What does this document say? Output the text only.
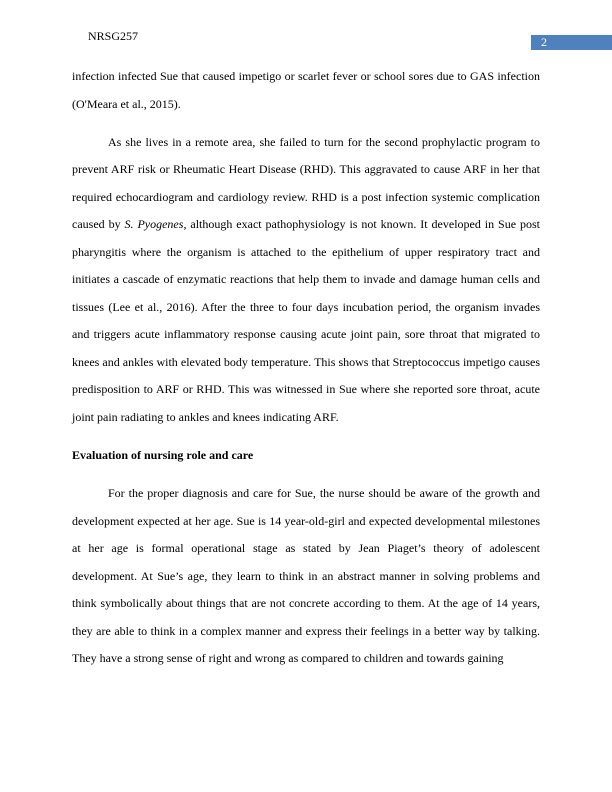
NRSG257	2

infection infected Sue that caused impetigo or scarlet fever or school sores due to GAS infection (O'Meara et al., 2015).

As she lives in a remote area, she failed to turn for the second prophylactic program to prevent ARF risk or Rheumatic Heart Disease (RHD). This aggravated to cause ARF in her that required echocardiogram and cardiology review. RHD is a post infection systemic complication caused by S. Pyogenes, although exact pathophysiology is not known. It developed in Sue post pharyngitis where the organism is attached to the epithelium of upper respiratory tract and initiates a cascade of enzymatic reactions that help them to invade and damage human cells and tissues (Lee et al., 2016). After the three to four days incubation period, the organism invades and triggers acute inflammatory response causing acute joint pain, sore throat that migrated to knees and ankles with elevated body temperature. This shows that Streptococcus impetigo causes predisposition to ARF or RHD. This was witnessed in Sue where she reported sore throat, acute joint pain radiating to ankles and knees indicating ARF.

Evaluation of nursing role and care

For the proper diagnosis and care for Sue, the nurse should be aware of the growth and development expected at her age. Sue is 14 year-old-girl and expected developmental milestones at her age is formal operational stage as stated by Jean Piaget’s theory of adolescent development. At Sue’s age, they learn to think in an abstract manner in solving problems and think symbolically about things that are not concrete according to them. At the age of 14 years, they are able to think in a complex manner and express their feelings in a better way by talking. They have a strong sense of right and wrong as compared to children and towards gaining
